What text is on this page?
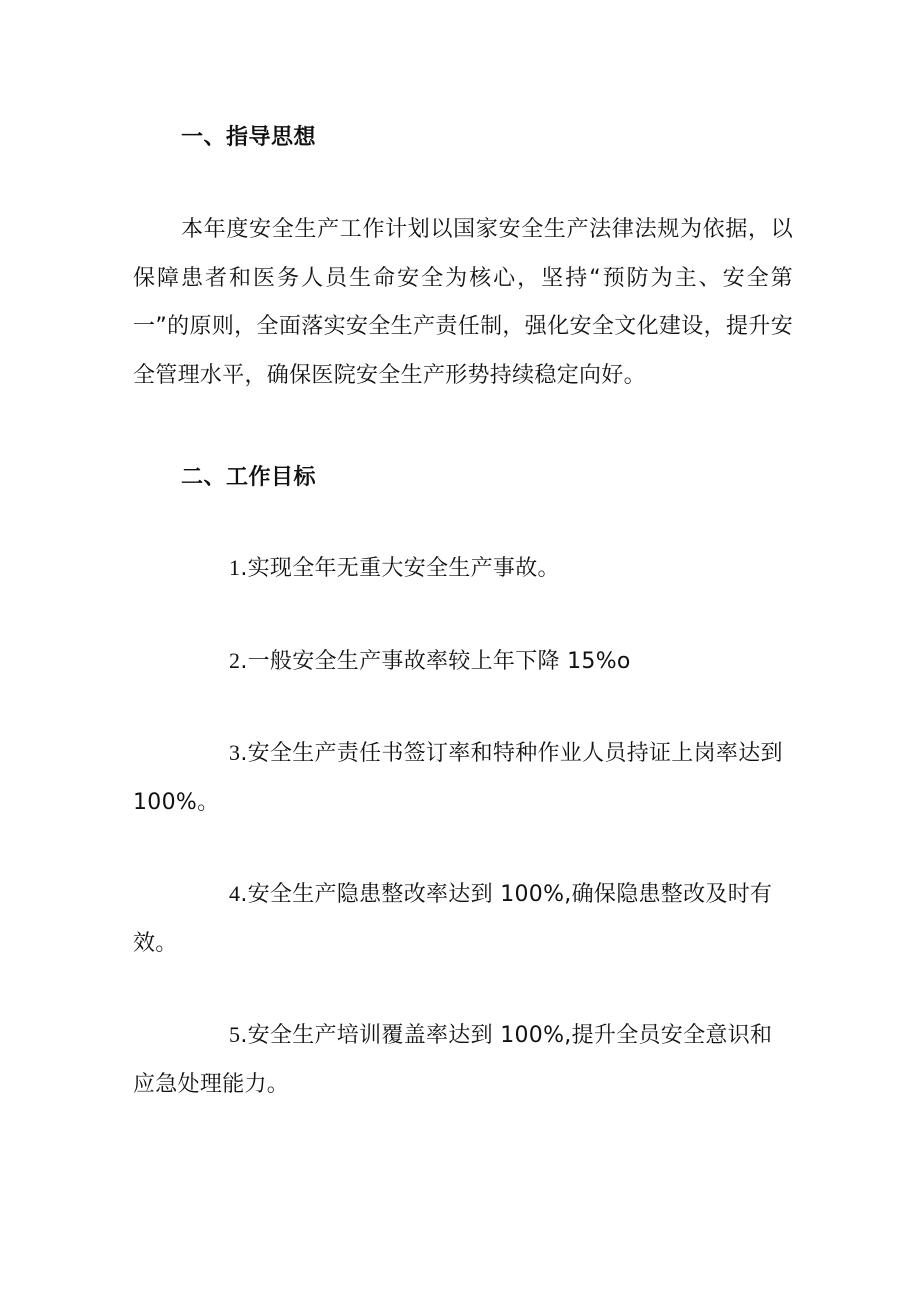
一、指导思想

本年度安全生产工作计划以国家安全生产法律法规为依据，以保障患者和医务人员生命安全为核心，坚持“预防为主、安全第一”的原则，全面落实安全生产责任制，强化安全文化建设，提升安全管理水平，确保医院安全生产形势持续稳定向好。

二、工作目标

1.实现全年无重大安全生产事故。

2.一般安全生产事故率较上年下降 15%o

3.安全生产责任书签订率和特种作业人员持证上岗率达到 100%。

4.安全生产隐患整改率达到 100%,确保隐患整改及时有效。

5.安全生产培训覆盖率达到 100%,提升全员安全意识和应急处理能力。
